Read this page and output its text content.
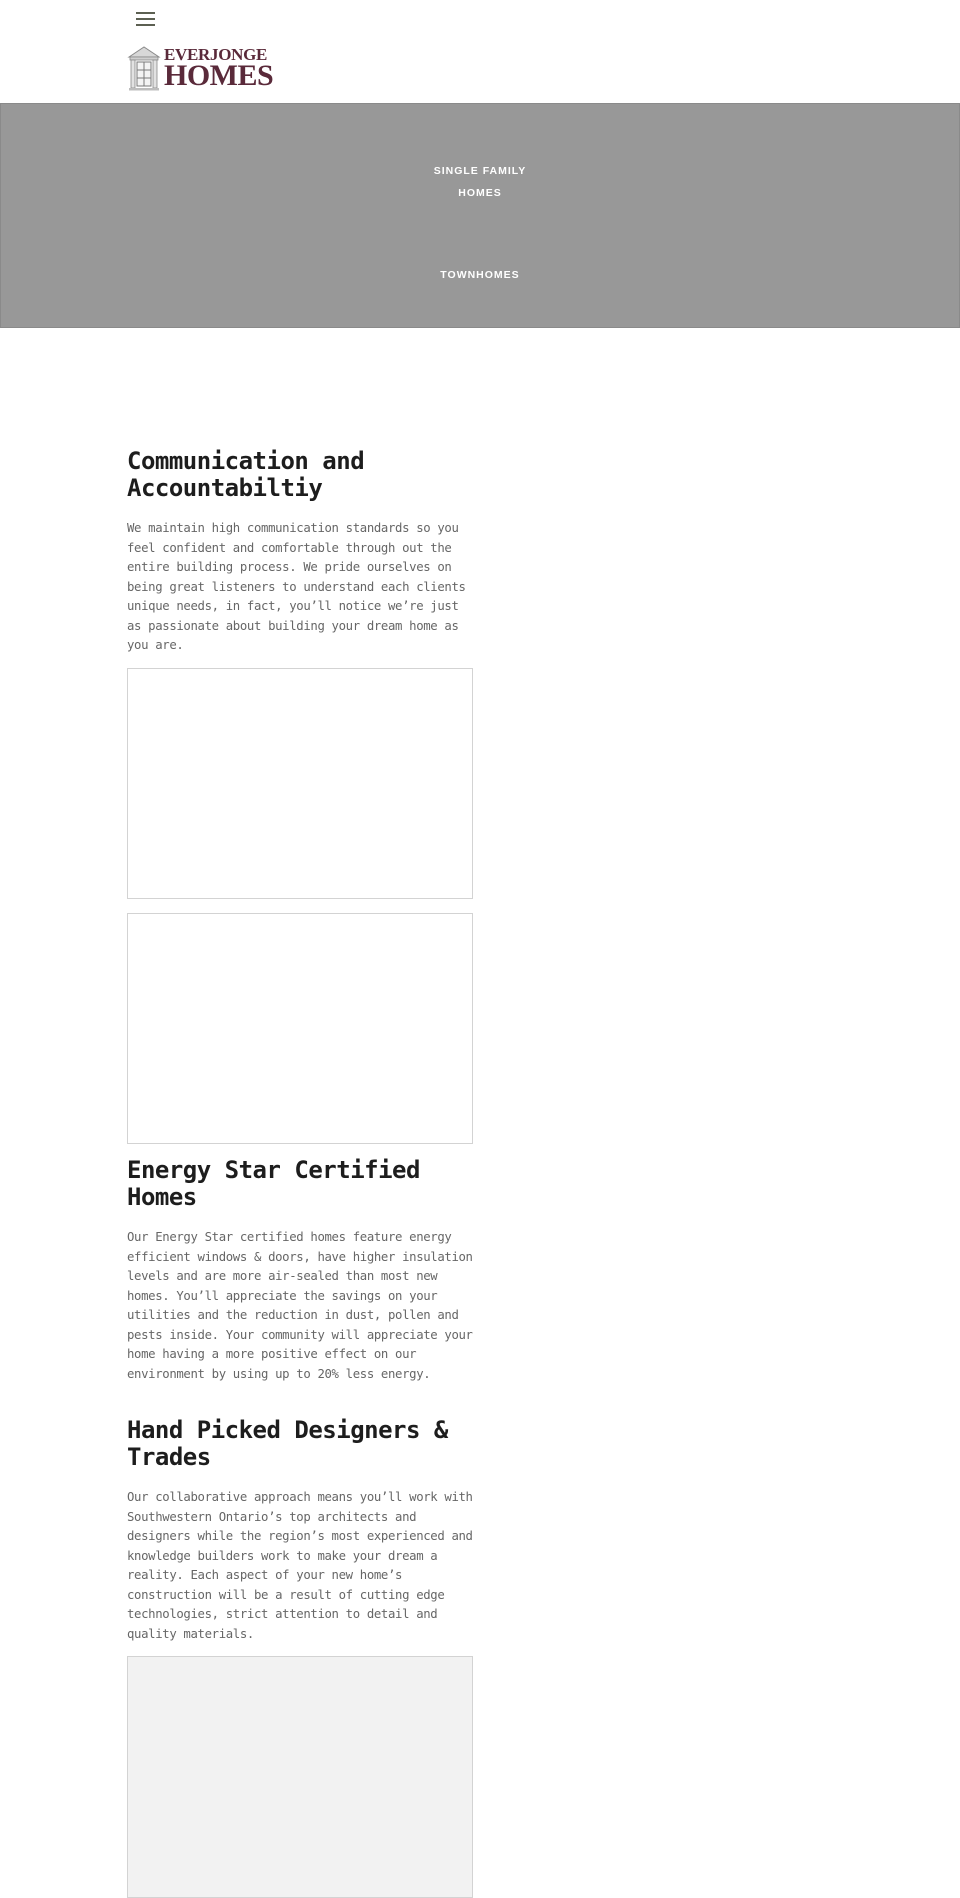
EVERJONGE
HOMES
SINGLE FAMILY
HOMES
TOWNHOMES
Communication and
Accountabiltiy

We maintain high communication standards so you feel confident and comfortable through out the entire building process. We pride ourselves on being great listeners to understand each clients unique needs, in fact, you’ll notice we’re just as passionate about building your dream home as you are.

Energy Star Certified
Homes

Our Energy Star certified homes feature energy efficient windows & doors, have higher insulation levels and are more air-sealed than most new homes. You’ll appreciate the savings on your utilities and the reduction in dust, pollen and pests inside. Your community will appreciate your home having a more positive effect on our environment by using up to 20% less energy.

Hand Picked Designers &
Trades

Our collaborative approach means you’ll work with Southwestern Ontario’s top architects and designers while the region’s most experienced and knowledge builders work to make your dream a reality. Each aspect of your new home’s construction will be a result of cutting edge technologies, strict attention to detail and quality materials.
